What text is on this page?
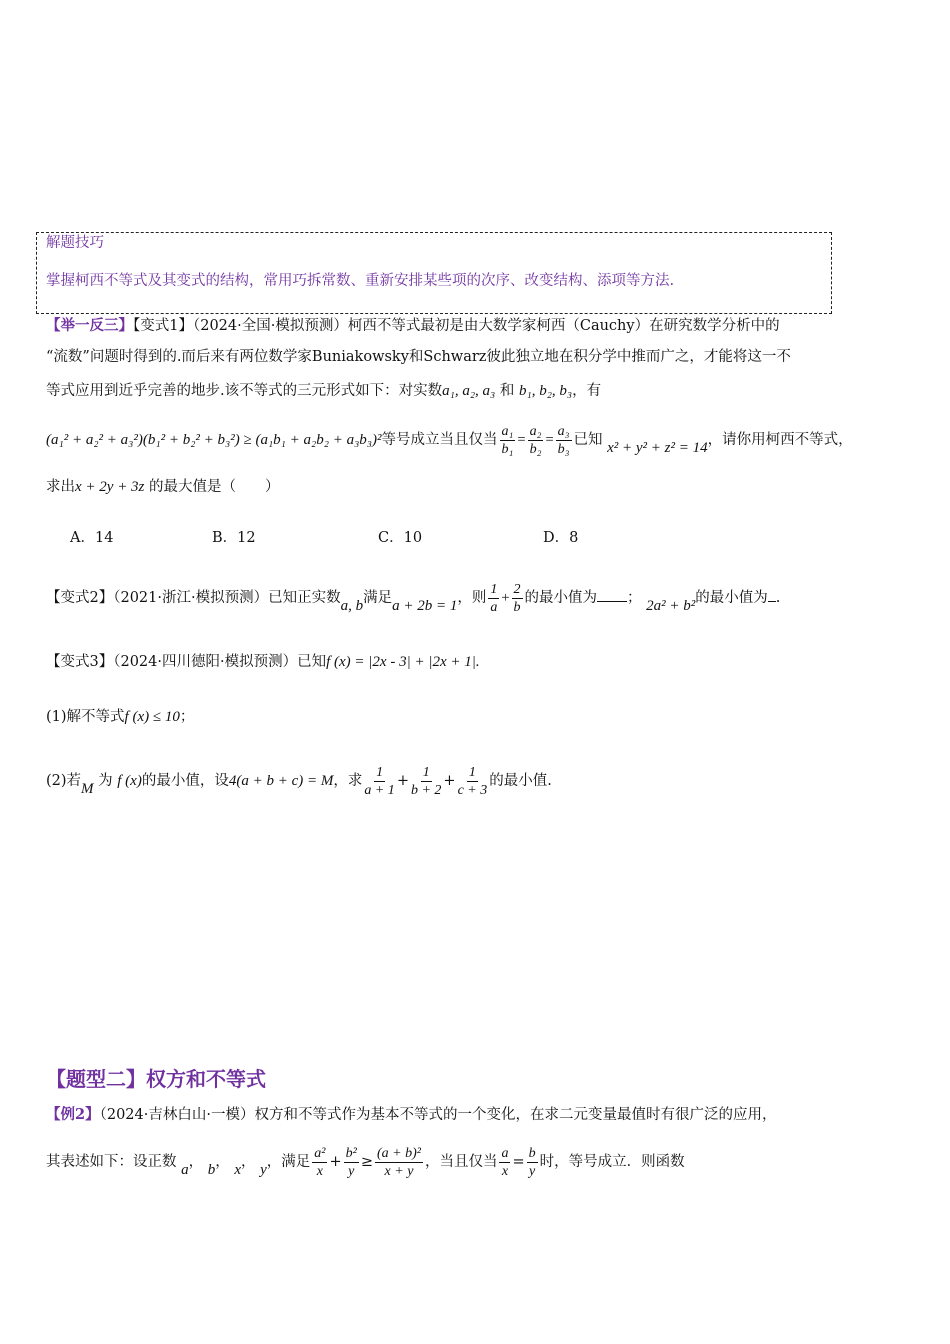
解题技巧
掌握柯西不等式及其变式的结构，常用巧拆常数、重新安排某些项的次序、改变结构、添项等方法.
【举一反三】【变式1】（2024·全国·模拟预测）柯西不等式最初是由大数学家柯西（Cauchy）在研究数学分析中的
“流数”问题时得到的.而后来有两位数学家Buniakowsky和Schwarz彼此独立地在积分学中推而广之，才能将这一不
等式应用到近乎完善的地步.该不等式的三元形式如下：对实数a₁, a₂, a₃ 和 b₁, b₂, b₃，有
(a₁² + a₂² + a₃²)(b₁² + b₂² + b₃²) ≥ (a₁b₁ + a₂b₂ + a₃b₃)²等号成立当且仅当 $\frac{\text{a₁}}{\text{b₁}} = \frac{\text{a₂}}{\text{b₂}} = \frac{\text{a₃}}{\text{b₃}}$ 已知 x² + y² + z² = 14，请你用柯西不等式，
求出x + 2y + 3z 的最大值是（　　）
A．14	B．12	C．10	D．8
【变式2】（2021·浙江·模拟预测）已知正实数a, b满足a + 2b = 1，则 $\frac{1}{a} + \frac{2}{b}$ 的最小值为 ； 2a² + b²的最小值为 .
【变式3】（2024·四川德阳·模拟预测）已知f (x) = |2x - 3| + |2x + 1|.
(1)解不等式f (x) ≤ 10；
(2)若M 为 f (x)的最小值，设4(a + b + c) = M，求 $\frac{1}{a + 1} + \frac{1}{b + 2} + \frac{1}{c + 3}$ 的最小值.
【题型二】权方和不等式
【例2】（2024·吉林白山·一模）权方和不等式作为基本不等式的一个变化，在求二元变量最值时有很广泛的应用，
其表述如下：设正数 a， b， x， y，满足 $\frac{\text{a²}}{x} + \frac{\text{b²}}{y} \ge \frac{\text{(a + b)²}}{x + y}$ ，当且仅当 $\frac{a}{x} = \frac{b}{y}$ 时，等号成立．则函数
